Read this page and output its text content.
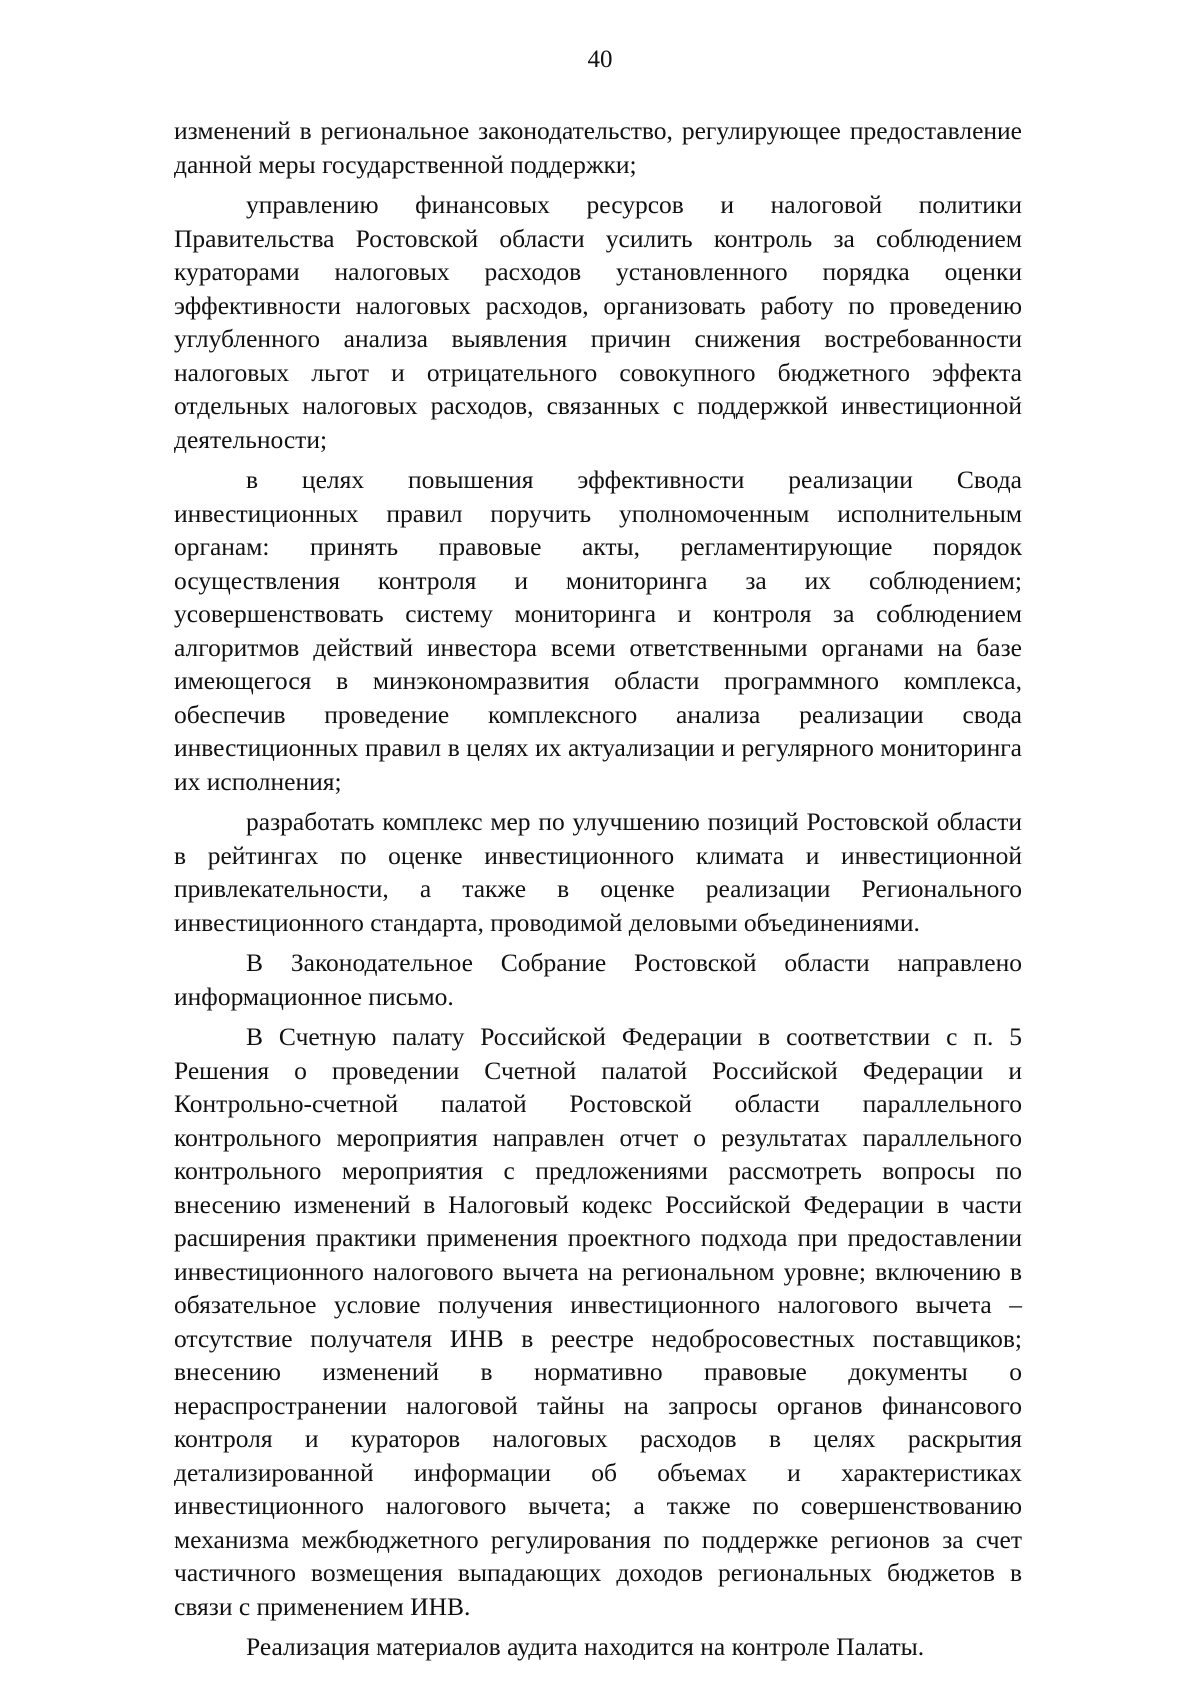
40

изменений в региональное законодательство, регулирующее предоставление данной меры государственной поддержки;

управлению финансовых ресурсов и налоговой политики Правительства Ростовской области усилить контроль за соблюдением кураторами налоговых расходов установленного порядка оценки эффективности налоговых расходов, организовать работу по проведению углубленного анализа выявления причин снижения востребованности налоговых льгот и отрицательного совокупного бюджетного эффекта отдельных налоговых расходов, связанных с поддержкой инвестиционной деятельности;

в целях повышения эффективности реализации Свода инвестиционных правил поручить уполномоченным исполнительным органам: принять правовые акты, регламентирующие порядок осуществления контроля и мониторинга за их соблюдением; усовершенствовать систему мониторинга и контроля за соблюдением алгоритмов действий инвестора всеми ответственными органами на базе имеющегося в минэкономразвития области программного комплекса, обеспечив проведение комплексного анализа реализации свода инвестиционных правил в целях их актуализации и регулярного мониторинга их исполнения;

разработать комплекс мер по улучшению позиций Ростовской области в рейтингах по оценке инвестиционного климата и инвестиционной привлекательности, а также в оценке реализации Регионального инвестиционного стандарта, проводимой деловыми объединениями.

В Законодательное Собрание Ростовской области направлено информационное письмо.

В Счетную палату Российской Федерации в соответствии с п. 5 Решения о проведении Счетной палатой Российской Федерации и Контрольно-счетной палатой Ростовской области параллельного контрольного мероприятия направлен отчет о результатах параллельного контрольного мероприятия с предложениями рассмотреть вопросы по внесению изменений в Налоговый кодекс Российской Федерации в части расширения практики применения проектного подхода при предоставлении инвестиционного налогового вычета на региональном уровне; включению в обязательное условие получения инвестиционного налогового вычета – отсутствие получателя ИНВ в реестре недобросовестных поставщиков; внесению изменений в нормативно правовые документы о нераспространении налоговой тайны на запросы органов финансового контроля и кураторов налоговых расходов в целях раскрытия детализированной информации об объемах и характеристиках инвестиционного налогового вычета; а также по совершенствованию механизма межбюджетного регулирования по поддержке регионов за счет частичного возмещения выпадающих доходов региональных бюджетов в связи с применением ИНВ.

Реализация материалов аудита находится на контроле Палаты.
